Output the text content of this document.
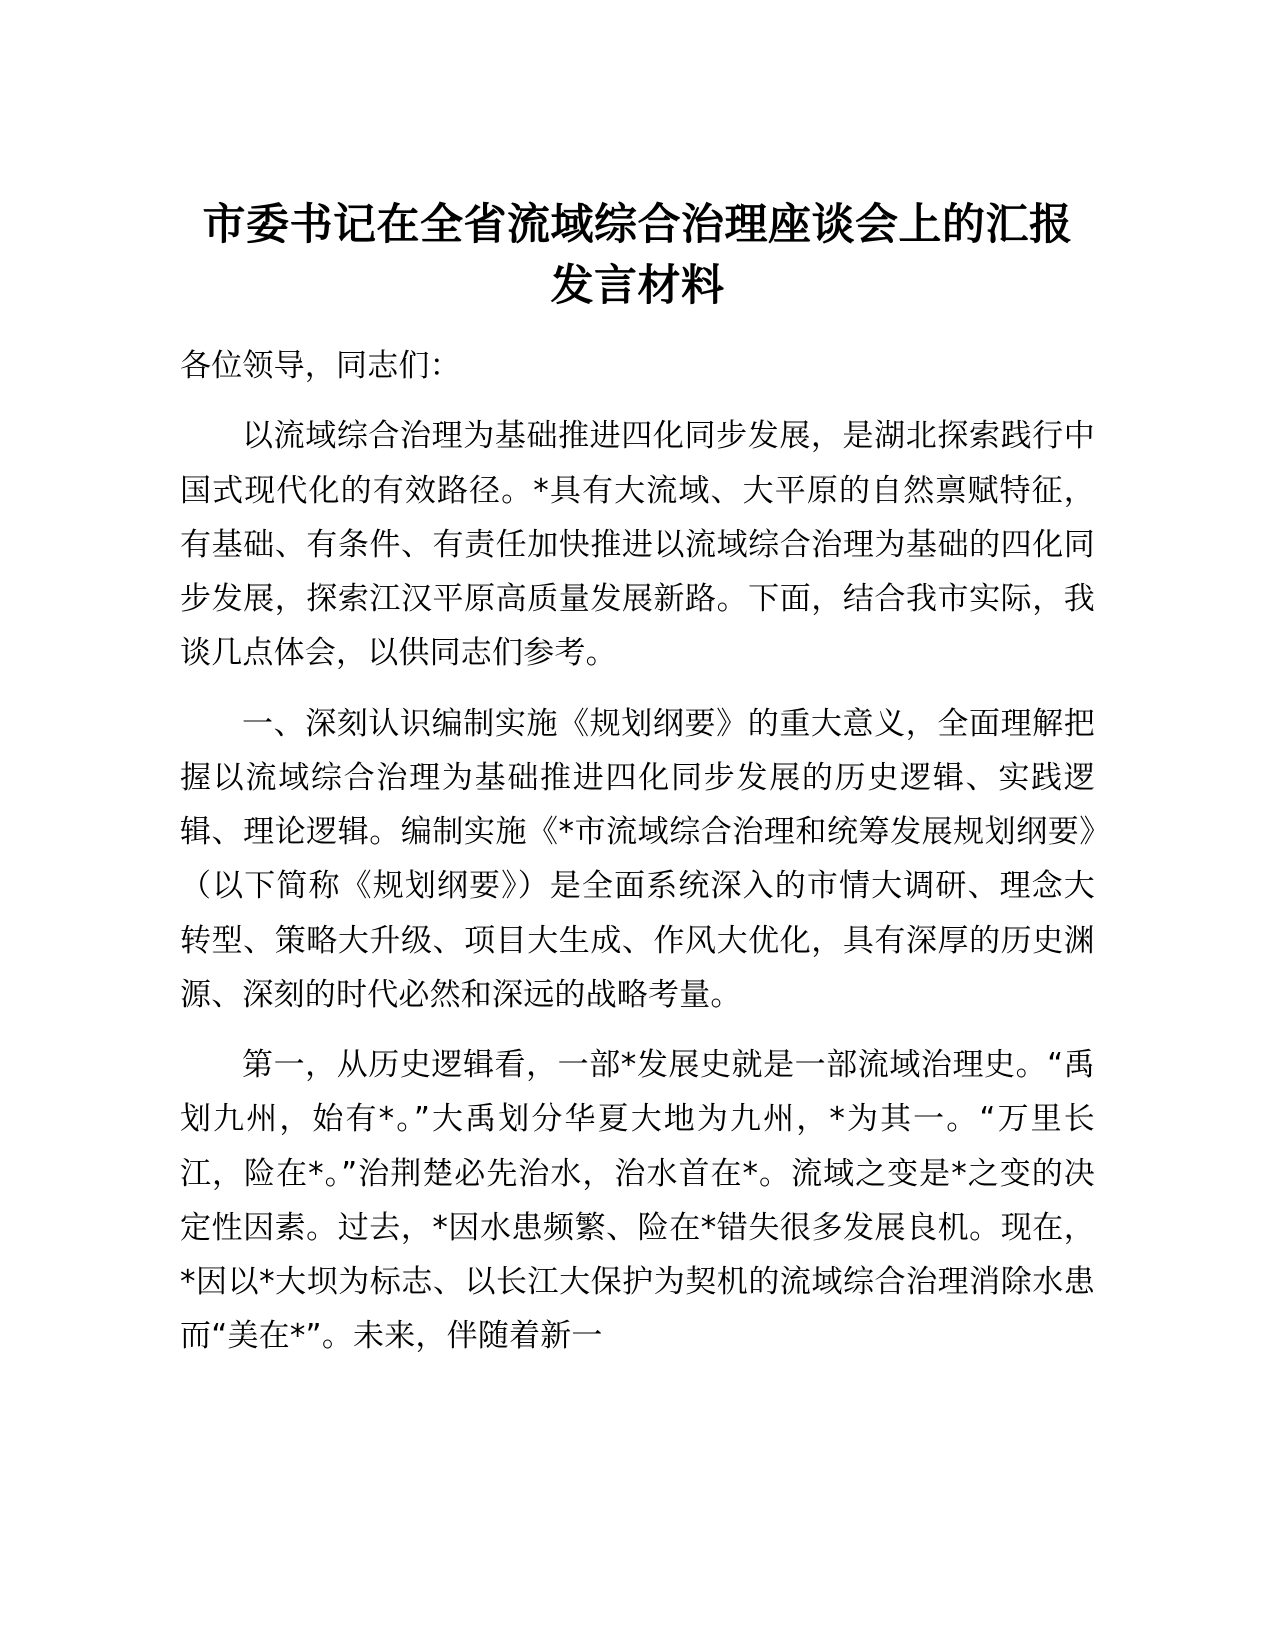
市委书记在全省流域综合治理座谈会上的汇报发言材料

各位领导，同志们：

以流域综合治理为基础推进四化同步发展，是湖北探索践行中国式现代化的有效路径。*具有大流域、大平原的自然禀赋特征，有基础、有条件、有责任加快推进以流域综合治理为基础的四化同步发展，探索江汉平原高质量发展新路。下面，结合我市实际，我谈几点体会，以供同志们参考。

一、深刻认识编制实施《规划纲要》的重大意义，全面理解把握以流域综合治理为基础推进四化同步发展的历史逻辑、实践逻辑、理论逻辑。编制实施《*市流域综合治理和统筹发展规划纲要》（以下简称《规划纲要》）是全面系统深入的市情大调研、理念大转型、策略大升级、项目大生成、作风大优化，具有深厚的历史渊源、深刻的时代必然和深远的战略考量。

第一，从历史逻辑看，一部*发展史就是一部流域治理史。“禹划九州，始有*。”大禹划分华夏大地为九州，*为其一。“万里长江，险在*。”治荆楚必先治水，治水首在*。流域之变是*之变的决定性因素。过去，*因水患频繁、险在*错失很多发展良机。现在，*因以*大坝为标志、以长江大保护为契机的流域综合治理消除水患而“美在*”。未来，伴随着新一
